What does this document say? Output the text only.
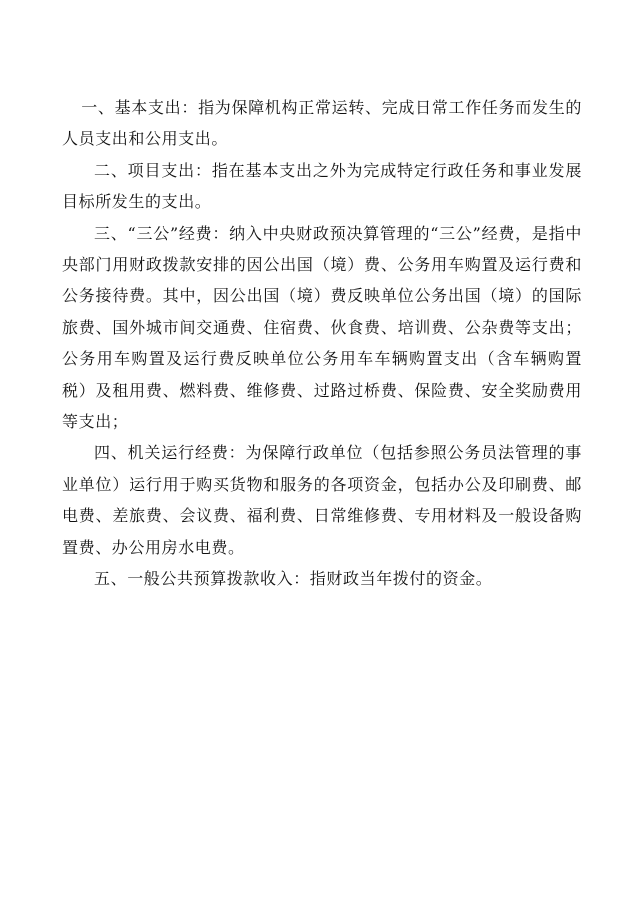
一、基本支出：指为保障机构正常运转、完成日常工作任务而发生的人员支出和公用支出。

二、项目支出：指在基本支出之外为完成特定行政任务和事业发展目标所发生的支出。

三、“三公”经费：纳入中央财政预决算管理的“三公”经费，是指中央部门用财政拨款安排的因公出国（境）费、公务用车购置及运行费和公务接待费。其中，因公出国（境）费反映单位公务出国（境）的国际旅费、国外城市间交通费、住宿费、伙食费、培训费、公杂费等支出；公务用车购置及运行费反映单位公务用车车辆购置支出（含车辆购置税）及租用费、燃料费、维修费、过路过桥费、保险费、安全奖励费用等支出；

四、机关运行经费：为保障行政单位（包括参照公务员法管理的事业单位）运行用于购买货物和服务的各项资金，包括办公及印刷费、邮电费、差旅费、会议费、福利费、日常维修费、专用材料及一般设备购置费、办公用房水电费。

五、一般公共预算拨款收入：指财政当年拨付的资金。
